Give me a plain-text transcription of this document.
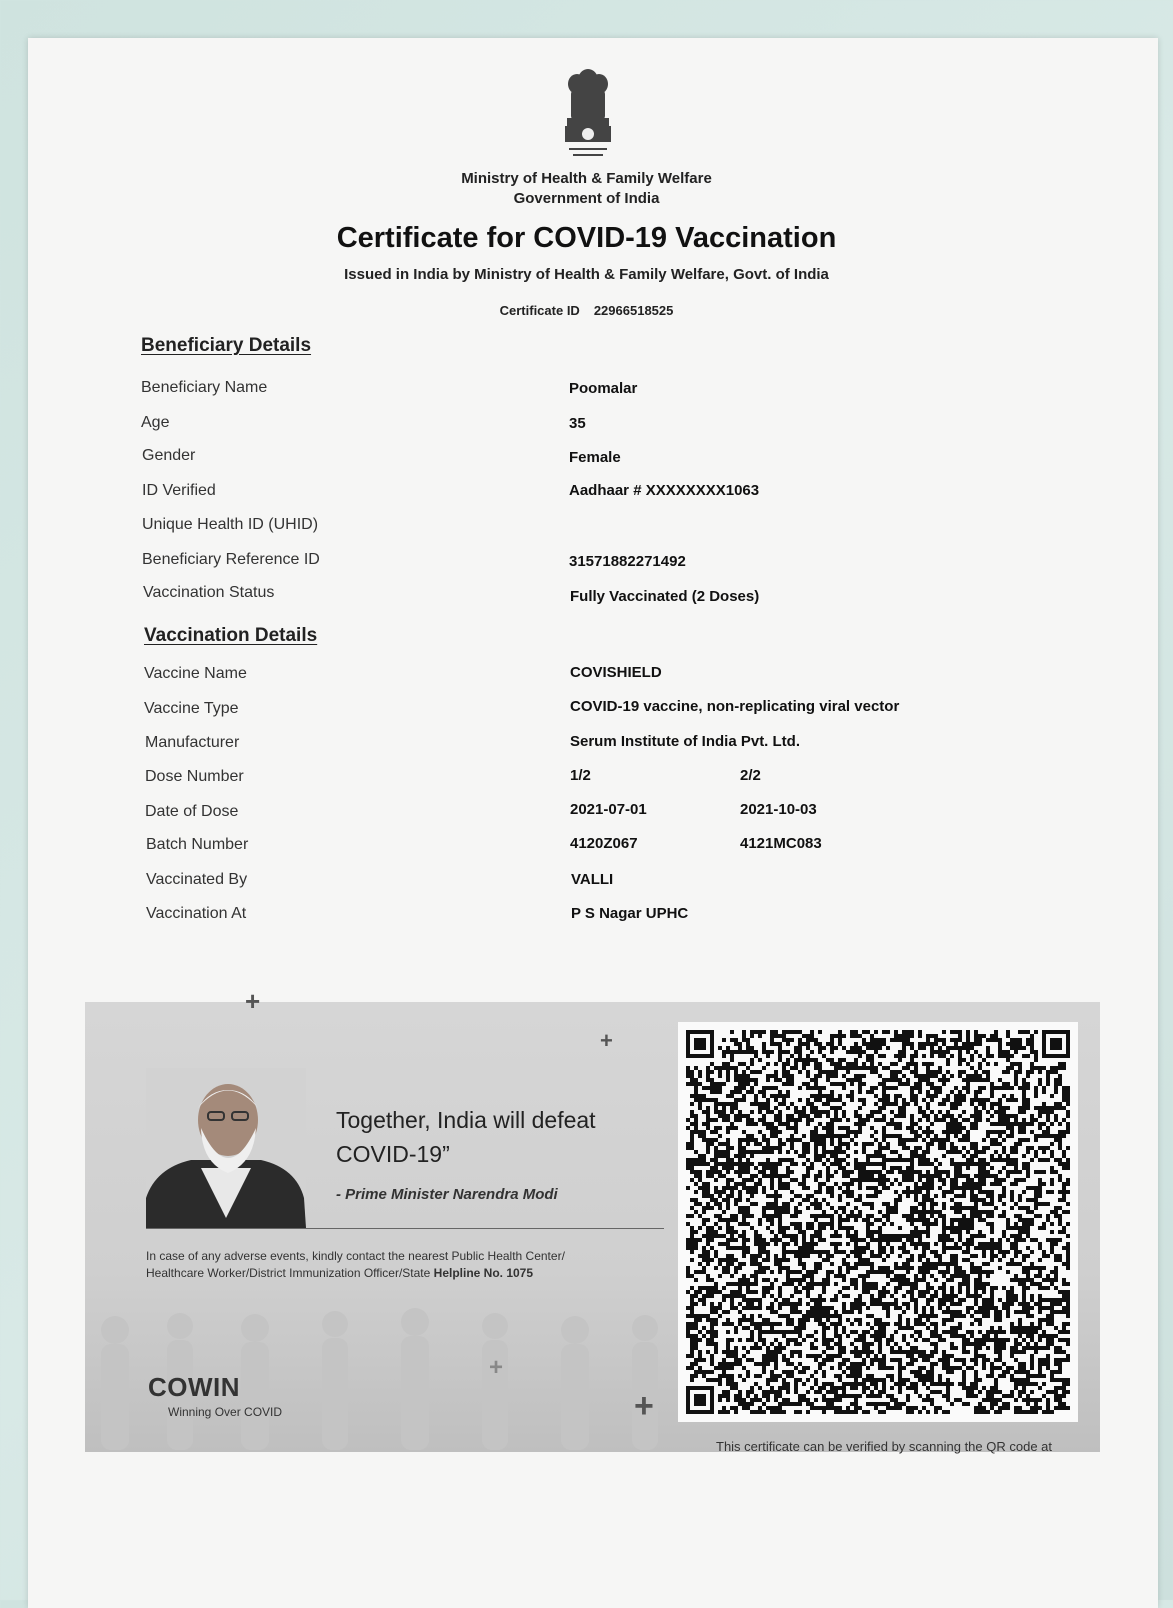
Ministry of Health & Family Welfare
Government of India
Certificate for COVID-19 Vaccination
Issued in India by Ministry of Health & Family Welfare, Govt. of India
Certificate ID 22966518525
Beneficiary Details
Beneficiary Name	Poomalar
Age	35
Gender	Female
ID Verified	Aadhaar # XXXXXXXX1063
Unique Health ID (UHID)
Beneficiary Reference ID	31571882271492
Vaccination Status	Fully Vaccinated (2 Doses)
Vaccination Details
Vaccine Name	COVISHIELD
Vaccine Type	COVID-19 vaccine, non-replicating viral vector
Manufacturer	Serum Institute of India Pvt. Ltd.
Dose Number	1/2	2/2
Date of Dose	2021-07-01	2021-10-03
Batch Number	4120Z067	4121MC083
Vaccinated By	VALLI
Vaccination At	P S Nagar UPHC
+
+
+
+
Together, India will defeat
COVID-19”
- Prime Minister Narendra Modi
In case of any adverse events, kindly contact the nearest Public Health Center/
Healthcare Worker/District Immunization Officer/State Helpline No. 1075
COWIN
Winning Over COVID
This certificate can be verified by scanning the QR code at
